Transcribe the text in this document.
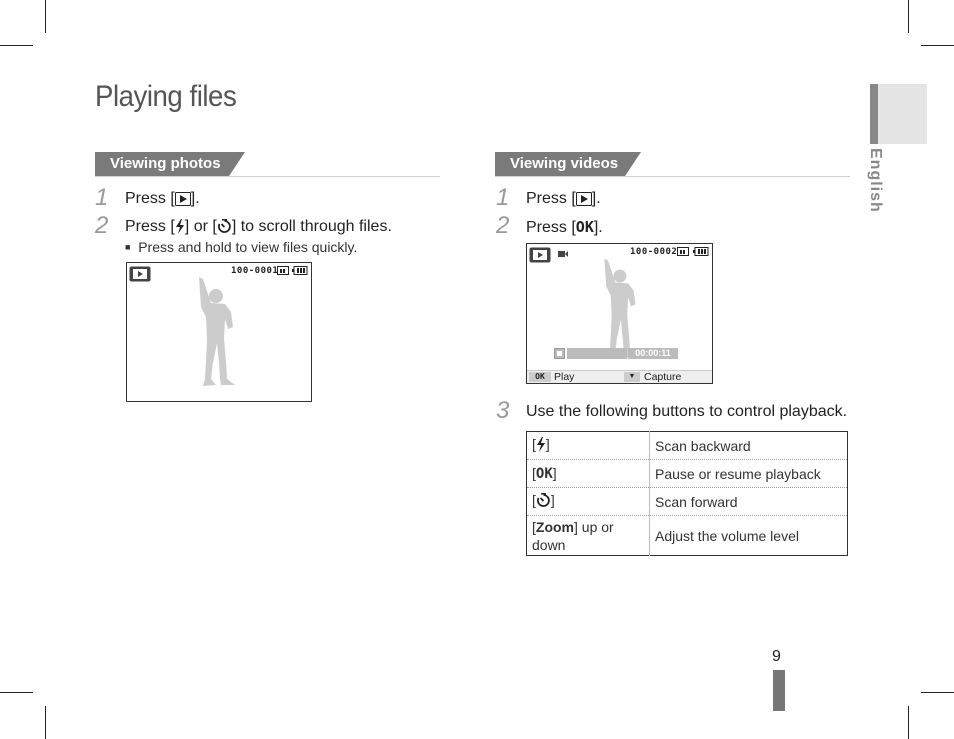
Playing files
English
Viewing photos
1 Press [ ].
2 Press [ ] or [ ] to scroll through files.
■ Press and hold to view files quickly.
100-0001
Viewing videos
1 Press [ ].
2 Press [OK].
100-0002
00:00:11
OK Play	▼ Capture
3 Use the following buttons to control playback.
[ ]	Scan backward
[OK]	Pause or resume playback
[ ]	Scan forward
[Zoom] up or down	Adjust the volume level
9
